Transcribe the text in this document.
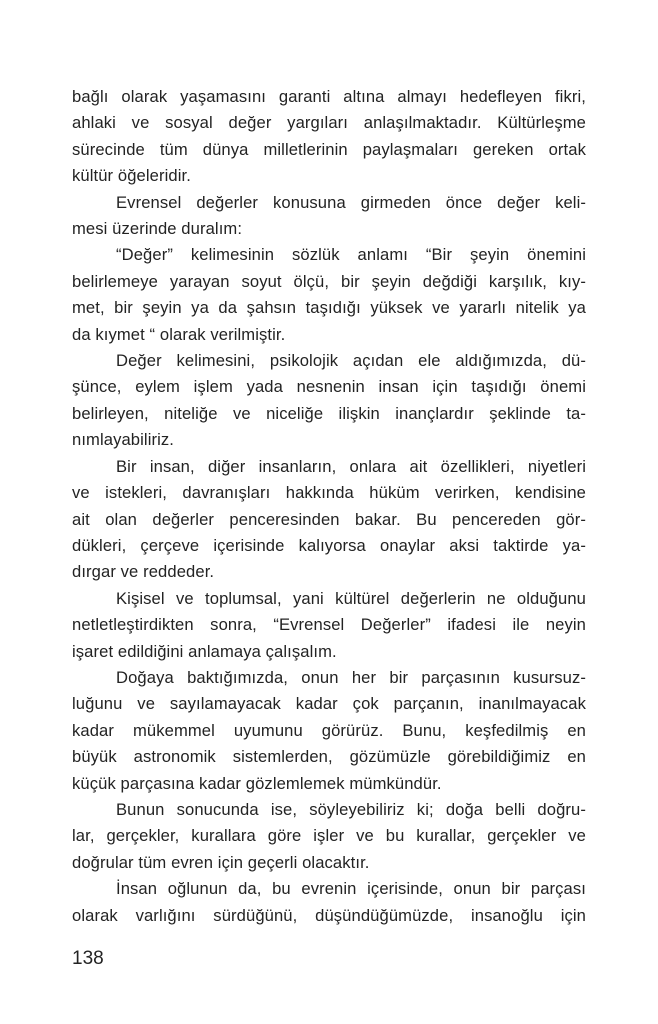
bağlı olarak yaşamasını garanti altına almayı hedefleyen fikri,
ahlaki ve sosyal değer yargıları anlaşılmaktadır. Kültürleşme
sürecinde tüm dünya milletlerinin paylaşmaları gereken ortak
kültür öğeleridir.
Evrensel değerler konusuna girmeden önce değer keli-
mesi üzerinde duralım:
“Değer” kelimesinin sözlük anlamı “Bir şeyin önemini
belirlemeye yarayan soyut ölçü, bir şeyin değdiği karşılık, kıy-
met, bir şeyin ya da şahsın taşıdığı yüksek ve yararlı nitelik ya
da kıymet “ olarak verilmiştir.
Değer kelimesini, psikolojik açıdan ele aldığımızda, dü-
şünce, eylem işlem yada nesnenin insan için taşıdığı önemi
belirleyen, niteliğe ve niceliğe ilişkin inançlardır şeklinde ta-
nımlayabiliriz.
Bir insan, diğer insanların, onlara ait özellikleri, niyetleri
ve istekleri, davranışları hakkında hüküm verirken, kendisine
ait olan değerler penceresinden bakar. Bu pencereden gör-
dükleri, çerçeve içerisinde kalıyorsa onaylar aksi taktirde ya-
dırgar ve reddeder.
Kişisel ve toplumsal, yani kültürel değerlerin ne olduğunu
netletleştirdikten sonra, “Evrensel Değerler” ifadesi ile neyin
işaret edildiğini anlamaya çalışalım.
Doğaya baktığımızda, onun her bir parçasının kusursuz-
luğunu ve sayılamayacak kadar çok parçanın, inanılmayacak
kadar mükemmel uyumunu görürüz. Bunu, keşfedilmiş en
büyük astronomik sistemlerden, gözümüzle görebildiğimiz en
küçük parçasına kadar gözlemlemek mümkündür.
Bunun sonucunda ise, söyleyebiliriz ki; doğa belli doğru-
lar, gerçekler, kurallara göre işler ve bu kurallar, gerçekler ve
doğrular tüm evren için geçerli olacaktır.
İnsan oğlunun da, bu evrenin içerisinde, onun bir parçası
olarak varlığını sürdüğünü, düşündüğümüzde, insanoğlu için
138
